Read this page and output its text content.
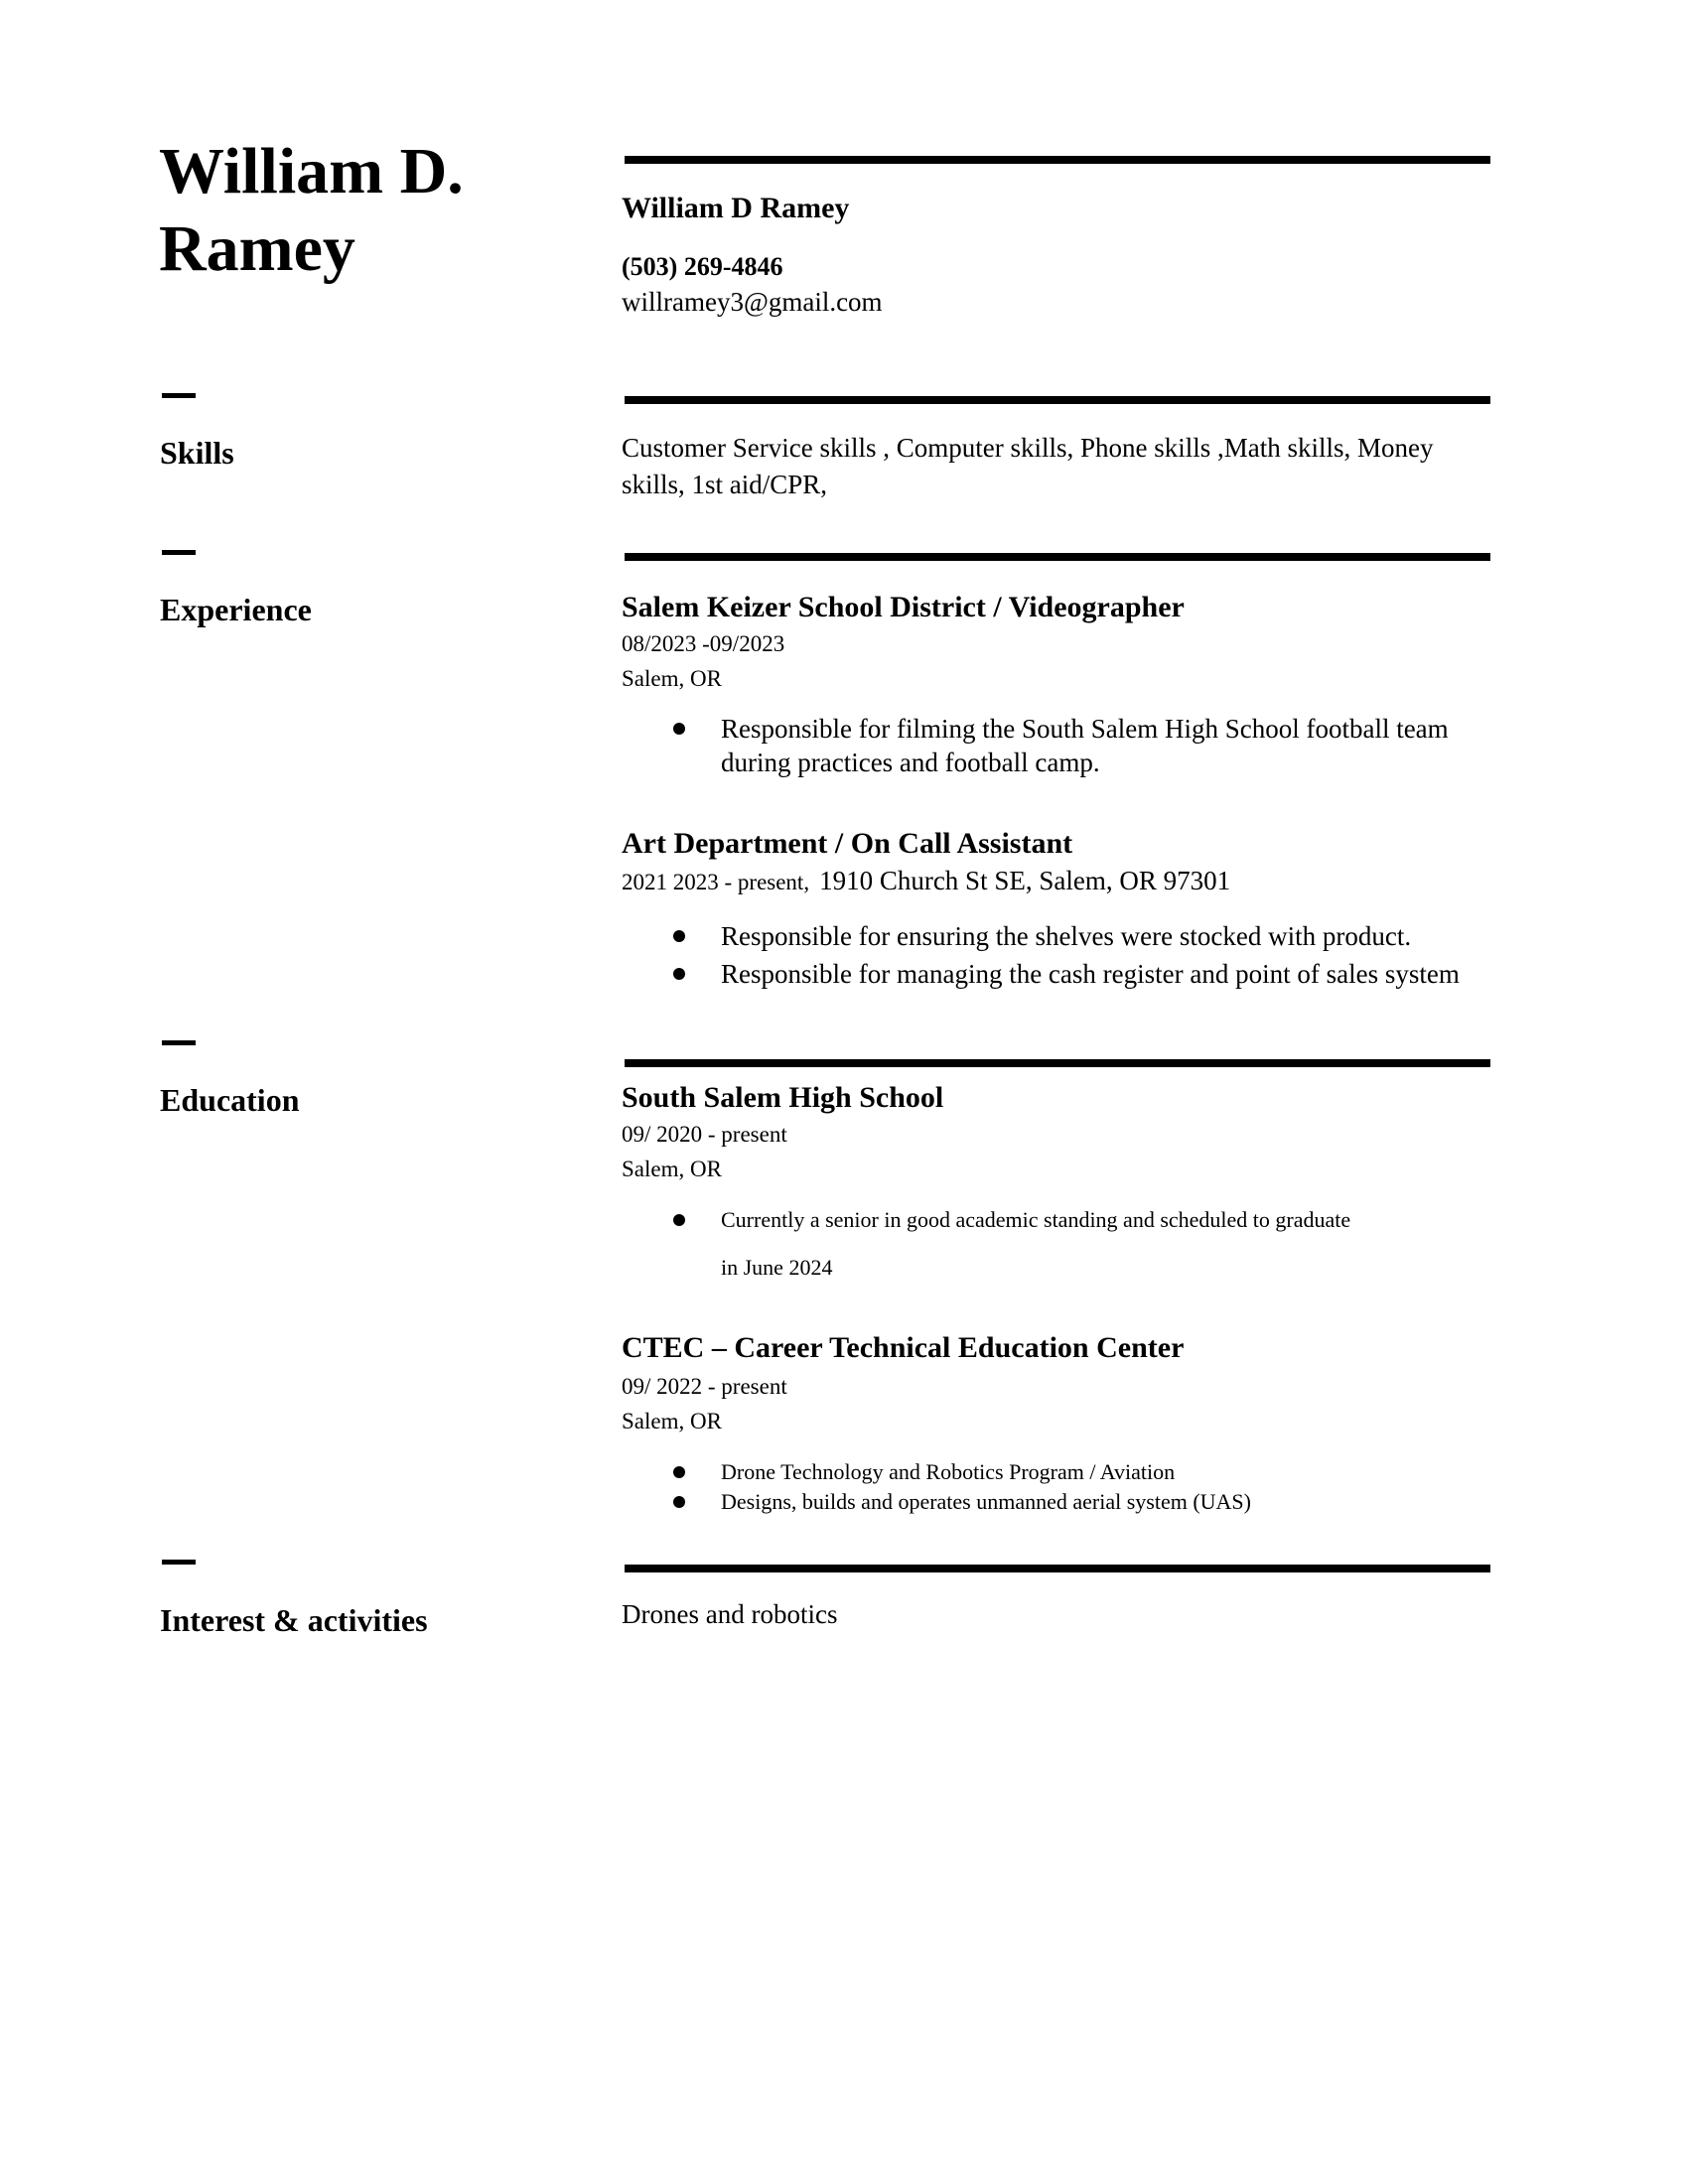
William D.
Ramey
William D Ramey
(503) 269-4846
willramey3@gmail.com
Skills	Customer Service skills , Computer skills, Phone skills ,Math skills, Money
skills, 1st aid/CPR,
Experience	Salem Keizer School District / Videographer
08/2023 -09/2023
Salem, OR
Responsible for filming the South Salem High School football team
during practices and football camp.
Art Department / On Call Assistant
2021 2023 - present, 1910 Church St SE, Salem, OR 97301
Responsible for ensuring the shelves were stocked with product.
Responsible for managing the cash register and point of sales system
Education	South Salem High School
09/ 2020 - present
Salem, OR
Currently a senior in good academic standing and scheduled to graduate
in June 2024
CTEC – Career Technical Education Center
09/ 2022 - present
Salem, OR
Drone Technology and Robotics Program / Aviation
Designs, builds and operates unmanned aerial system (UAS)
Interest & activities	Drones and robotics
